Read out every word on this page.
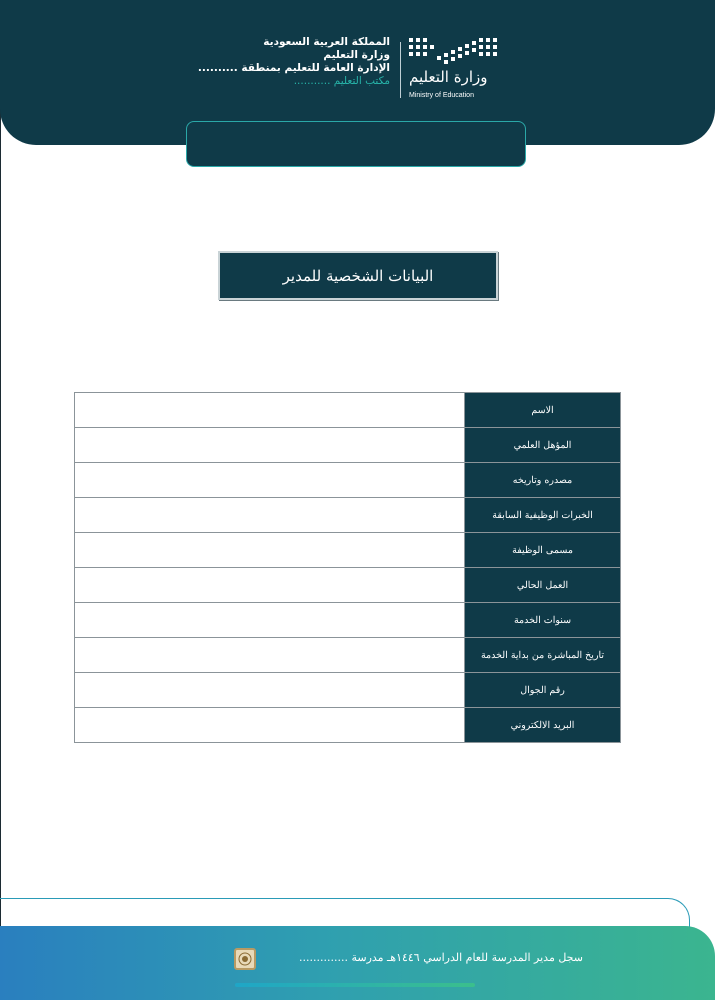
المملكة العربية السعودية
وزارة التعليم
الإدارة العامة للتعليم بمنطقة ..........
مكتب التعليم ........... وزارة التعليم
Ministry of Education
البيانات الشخصية للمدير
	الاسم
	المؤهل العلمي
	مصدره وتاريخه
	الخبرات الوظيفية السابقة
	مسمى الوظيفة
	العمل الحالي
	سنوات الخدمة
	تاريخ المباشرة من بداية الخدمة
	رقم الجوال
	البريد الالكتروني
سجل مدير المدرسة للعام الدراسي ١٤٤٦هـ مدرسة ..............
